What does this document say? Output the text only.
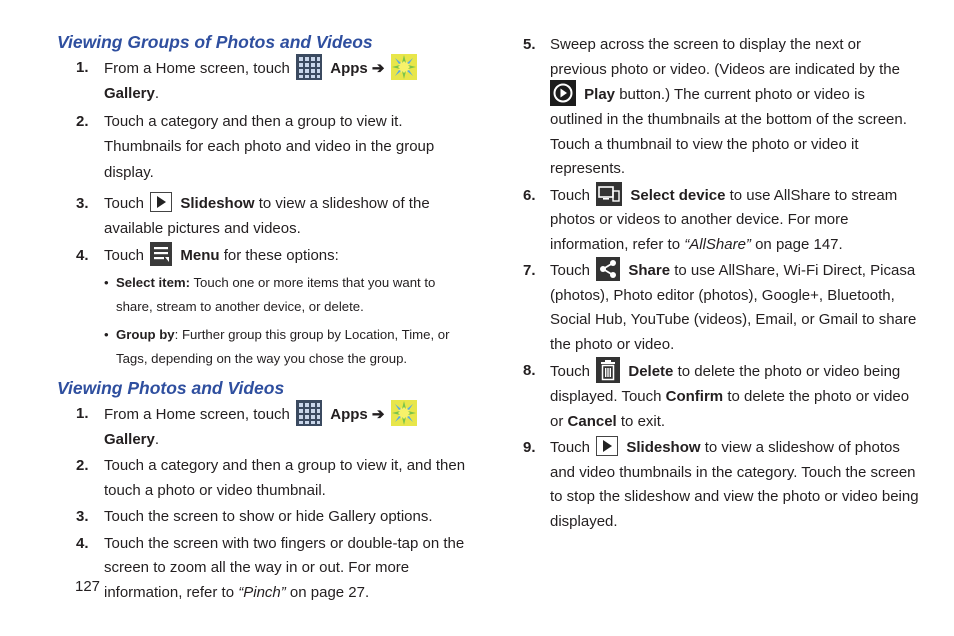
Viewing Groups of Photos and Videos

1. From a Home screen, touch	Apps ➔  Gallery.

2. Touch a category and then a group to view it. Thumbnails for each photo and video in the group display.

3. Touch Slideshow to view a slideshow of the available pictures and videos.

4. Touch Menu for these options:

• Select item: Touch one or more items that you want to share, stream to another device, or delete.
• Group by: Further group this group by Location, Time, or Tags, depending on the way you chose the group.
Viewing Photos and Videos

1. From a Home screen, touch	Apps ➔  Gallery.

2. Touch a category and then a group to view it, and then touch a photo or video thumbnail.

3. Touch the screen to show or hide Gallery options.

4. Touch the screen with two fingers or double-tap on the screen to zoom all the way in or out. For more information, refer to “Pinch” on page 27.

5. Sweep across the screen to display the next or previous photo or video. (Videos are indicated by the  Play button.) The current photo or video is outlined in the thumbnails at the bottom of the screen. Touch a thumbnail to view the photo or video it represents.

6. Touch	Select device to use AllShare to stream photos or videos to another device. For more information, refer to “AllShare” on page 147.

7. Touch	Share to use AllShare, Wi-Fi Direct, Picasa (photos), Photo editor (photos), Google+, Bluetooth, Social Hub, YouTube (videos), Email, or Gmail to share the photo or video.

8. Touch	Delete to delete the photo or video being displayed. Touch Confirm to delete the photo or video or Cancel to exit.

9. Touch Slideshow to view a slideshow of photos and video thumbnails in the category. Touch the screen to stop the slideshow and view the photo or video being displayed.

127
